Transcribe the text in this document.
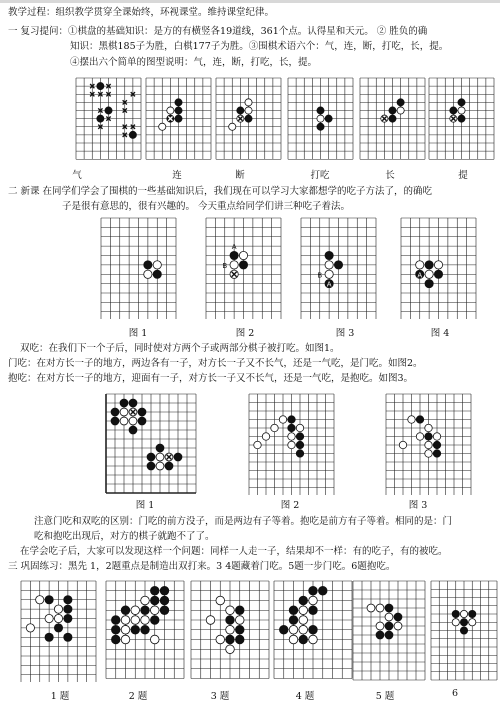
教学过程：组织教学贯穿全课始终，环视课堂。维持课堂纪律。
一 复习提问：①棋盘的基础知识：是方的有横竖各19道线，361个点。认得星和天元。 ② 胜负的确
知识：黑棋185子为胜，白棋177子为胜。③围棋术语六个：气，连，断，打吃，长，提。
④摆出六个简单的图型说明：气，连，断，打吃，长，提。
气	连	断	打吃	长	提
二 新课 在同学们学会了围棋的一些基础知识后，我们现在可以学习大家都想学的吃子方法了，的确吃
子是很有意思的，很有兴趣的。 今天重点给同学们讲三种吃子着法。
A
B
B
A
A
图 1	图 2	图 3	图 4
双吃：在我们下一个子后，同时使对方两个子或两部分棋子被打吃。如图1。
门吃：在对方长一子的地方，两边各有一子，对方长一子又不长气，还是一气吃，是门吃。如图2。
抱吃：在对方长一子的地方，迎面有一子，对方长一子又不长气，还是一气吃，是抱吃。如图3。
图 1	图 2	图 3
注意门吃和双吃的区别：门吃的前方没子，而是两边有子等着。抱吃是前方有子等着。相同的是：门
吃和抱吃出现后，对方的棋子就跑不了了。
在学会吃子后，大家可以发现这样一个问题：同样一人走一子，结果却不一样：有的吃子，有的被吃。
三 巩固练习：黑先 1，2题重点是制造出双打来。3 4题藏着门吃。5题一步门吃。6题抱吃。
1 题	2 题	3 题	4 题	5 题	6
